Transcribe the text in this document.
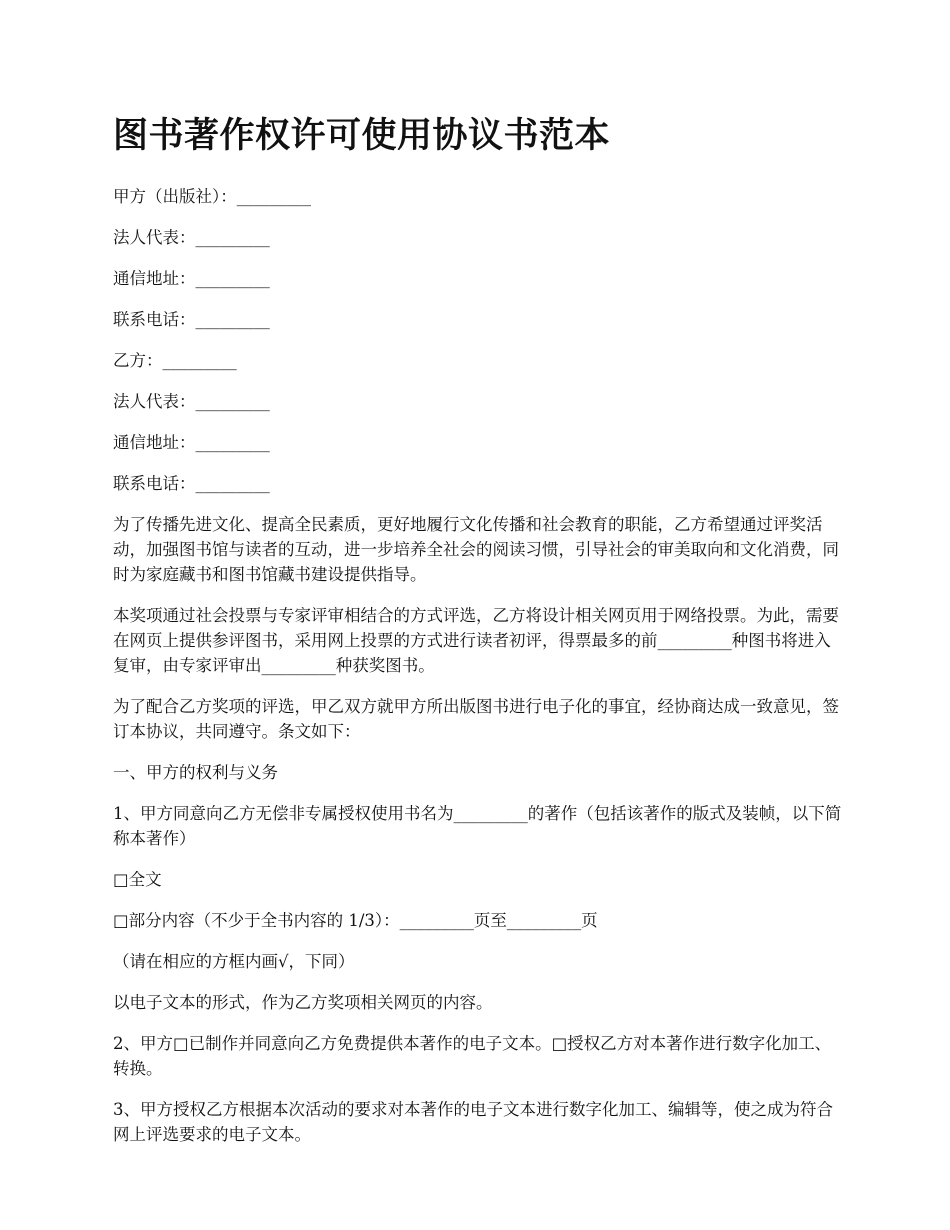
图书著作权许可使用协议书范本
甲方（出版社）：_________
法人代表：_________
通信地址：_________
联系电话：_________
乙方：_________
法人代表：_________
通信地址：_________
联系电话：_________

为了传播先进文化、提高全民素质，更好地履行文化传播和社会教育的职能，乙方希望通过评奖活动，加强图书馆与读者的互动，进一步培养全社会的阅读习惯，引导社会的审美取向和文化消费，同时为家庭藏书和图书馆藏书建设提供指导。

本奖项通过社会投票与专家评审相结合的方式评选，乙方将设计相关网页用于网络投票。为此，需要在网页上提供参评图书，采用网上投票的方式进行读者初评，得票最多的前_________种图书将进入复审，由专家评审出_________种获奖图书。

为了配合乙方奖项的评选，甲乙双方就甲方所出版图书进行电子化的事宜，经协商达成一致意见，签订本协议，共同遵守。条文如下：

一、甲方的权利与义务

1、甲方同意向乙方无偿非专属授权使用书名为_________的著作（包括该著作的版式及装帧，以下简称本著作）

□全文

□部分内容（不少于全书内容的 1/3）：_________页至_________页

（请在相应的方框内画√，下同）

以电子文本的形式，作为乙方奖项相关网页的内容。

2、甲方□已制作并同意向乙方免费提供本著作的电子文本。□授权乙方对本著作进行数字化加工、转换。

3、甲方授权乙方根据本次活动的要求对本著作的电子文本进行数字化加工、编辑等，使之成为符合网上评选要求的电子文本。
